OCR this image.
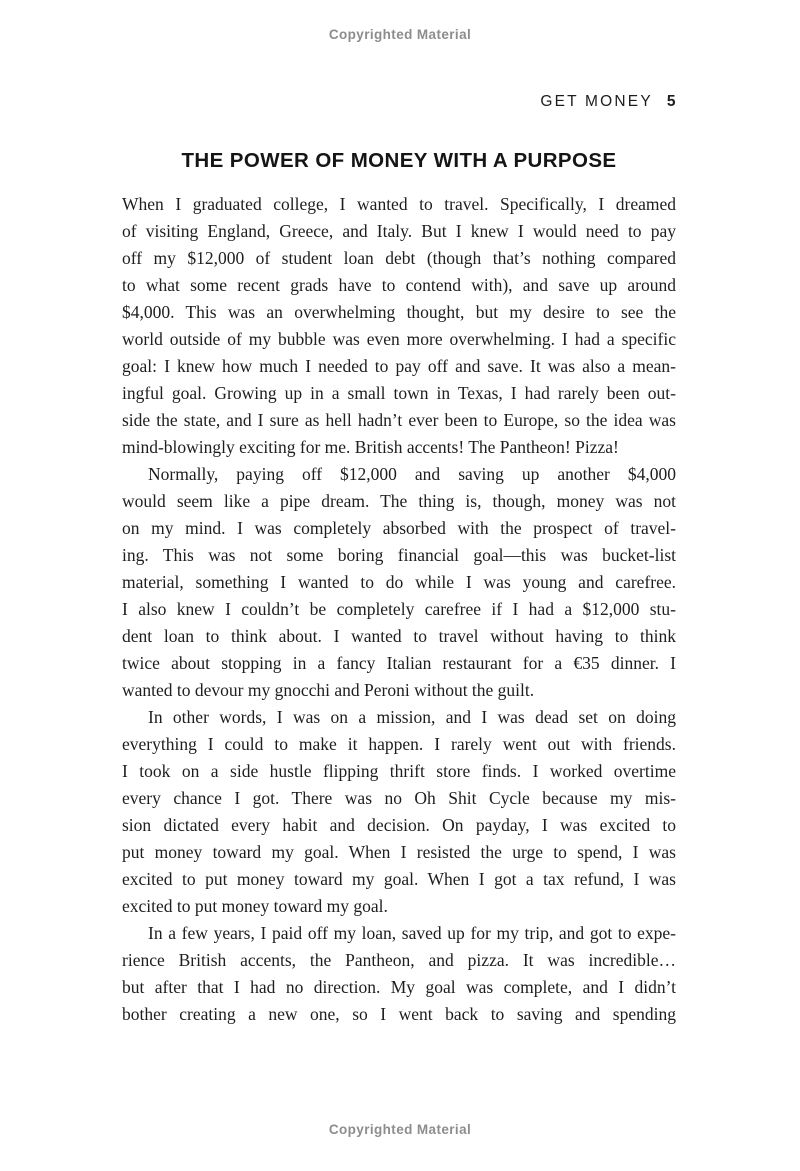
Copyrighted Material
GET MONEY 5
THE POWER OF MONEY WITH A PURPOSE
When I graduated college, I wanted to travel. Specifically, I dreamed
of visiting England, Greece, and Italy. But I knew I would need to pay
off my $12,000 of student loan debt (though that’s nothing compared
to what some recent grads have to contend with), and save up around
$4,000. This was an overwhelming thought, but my desire to see the
world outside of my bubble was even more overwhelming. I had a specific
goal: I knew how much I needed to pay off and save. It was also a mean-
ingful goal. Growing up in a small town in Texas, I had rarely been out-
side the state, and I sure as hell hadn’t ever been to Europe, so the idea was
mind-blowingly exciting for me. British accents! The Pantheon! Pizza!
Normally, paying off $12,000 and saving up another $4,000
would seem like a pipe dream. The thing is, though, money was not
on my mind. I was completely absorbed with the prospect of travel-
ing. This was not some boring financial goal—this was bucket-list
material, something I wanted to do while I was young and carefree.
I also knew I couldn’t be completely carefree if I had a $12,000 stu-
dent loan to think about. I wanted to travel without having to think
twice about stopping in a fancy Italian restaurant for a €35 dinner. I
wanted to devour my gnocchi and Peroni without the guilt.
In other words, I was on a mission, and I was dead set on doing
everything I could to make it happen. I rarely went out with friends.
I took on a side hustle flipping thrift store finds. I worked overtime
every chance I got. There was no Oh Shit Cycle because my mis-
sion dictated every habit and decision. On payday, I was excited to
put money toward my goal. When I resisted the urge to spend, I was
excited to put money toward my goal. When I got a tax refund, I was
excited to put money toward my goal.
In a few years, I paid off my loan, saved up for my trip, and got to expe-
rience British accents, the Pantheon, and pizza. It was incredible…
but after that I had no direction. My goal was complete, and I didn’t
bother creating a new one, so I went back to saving and spending
Copyrighted Material
